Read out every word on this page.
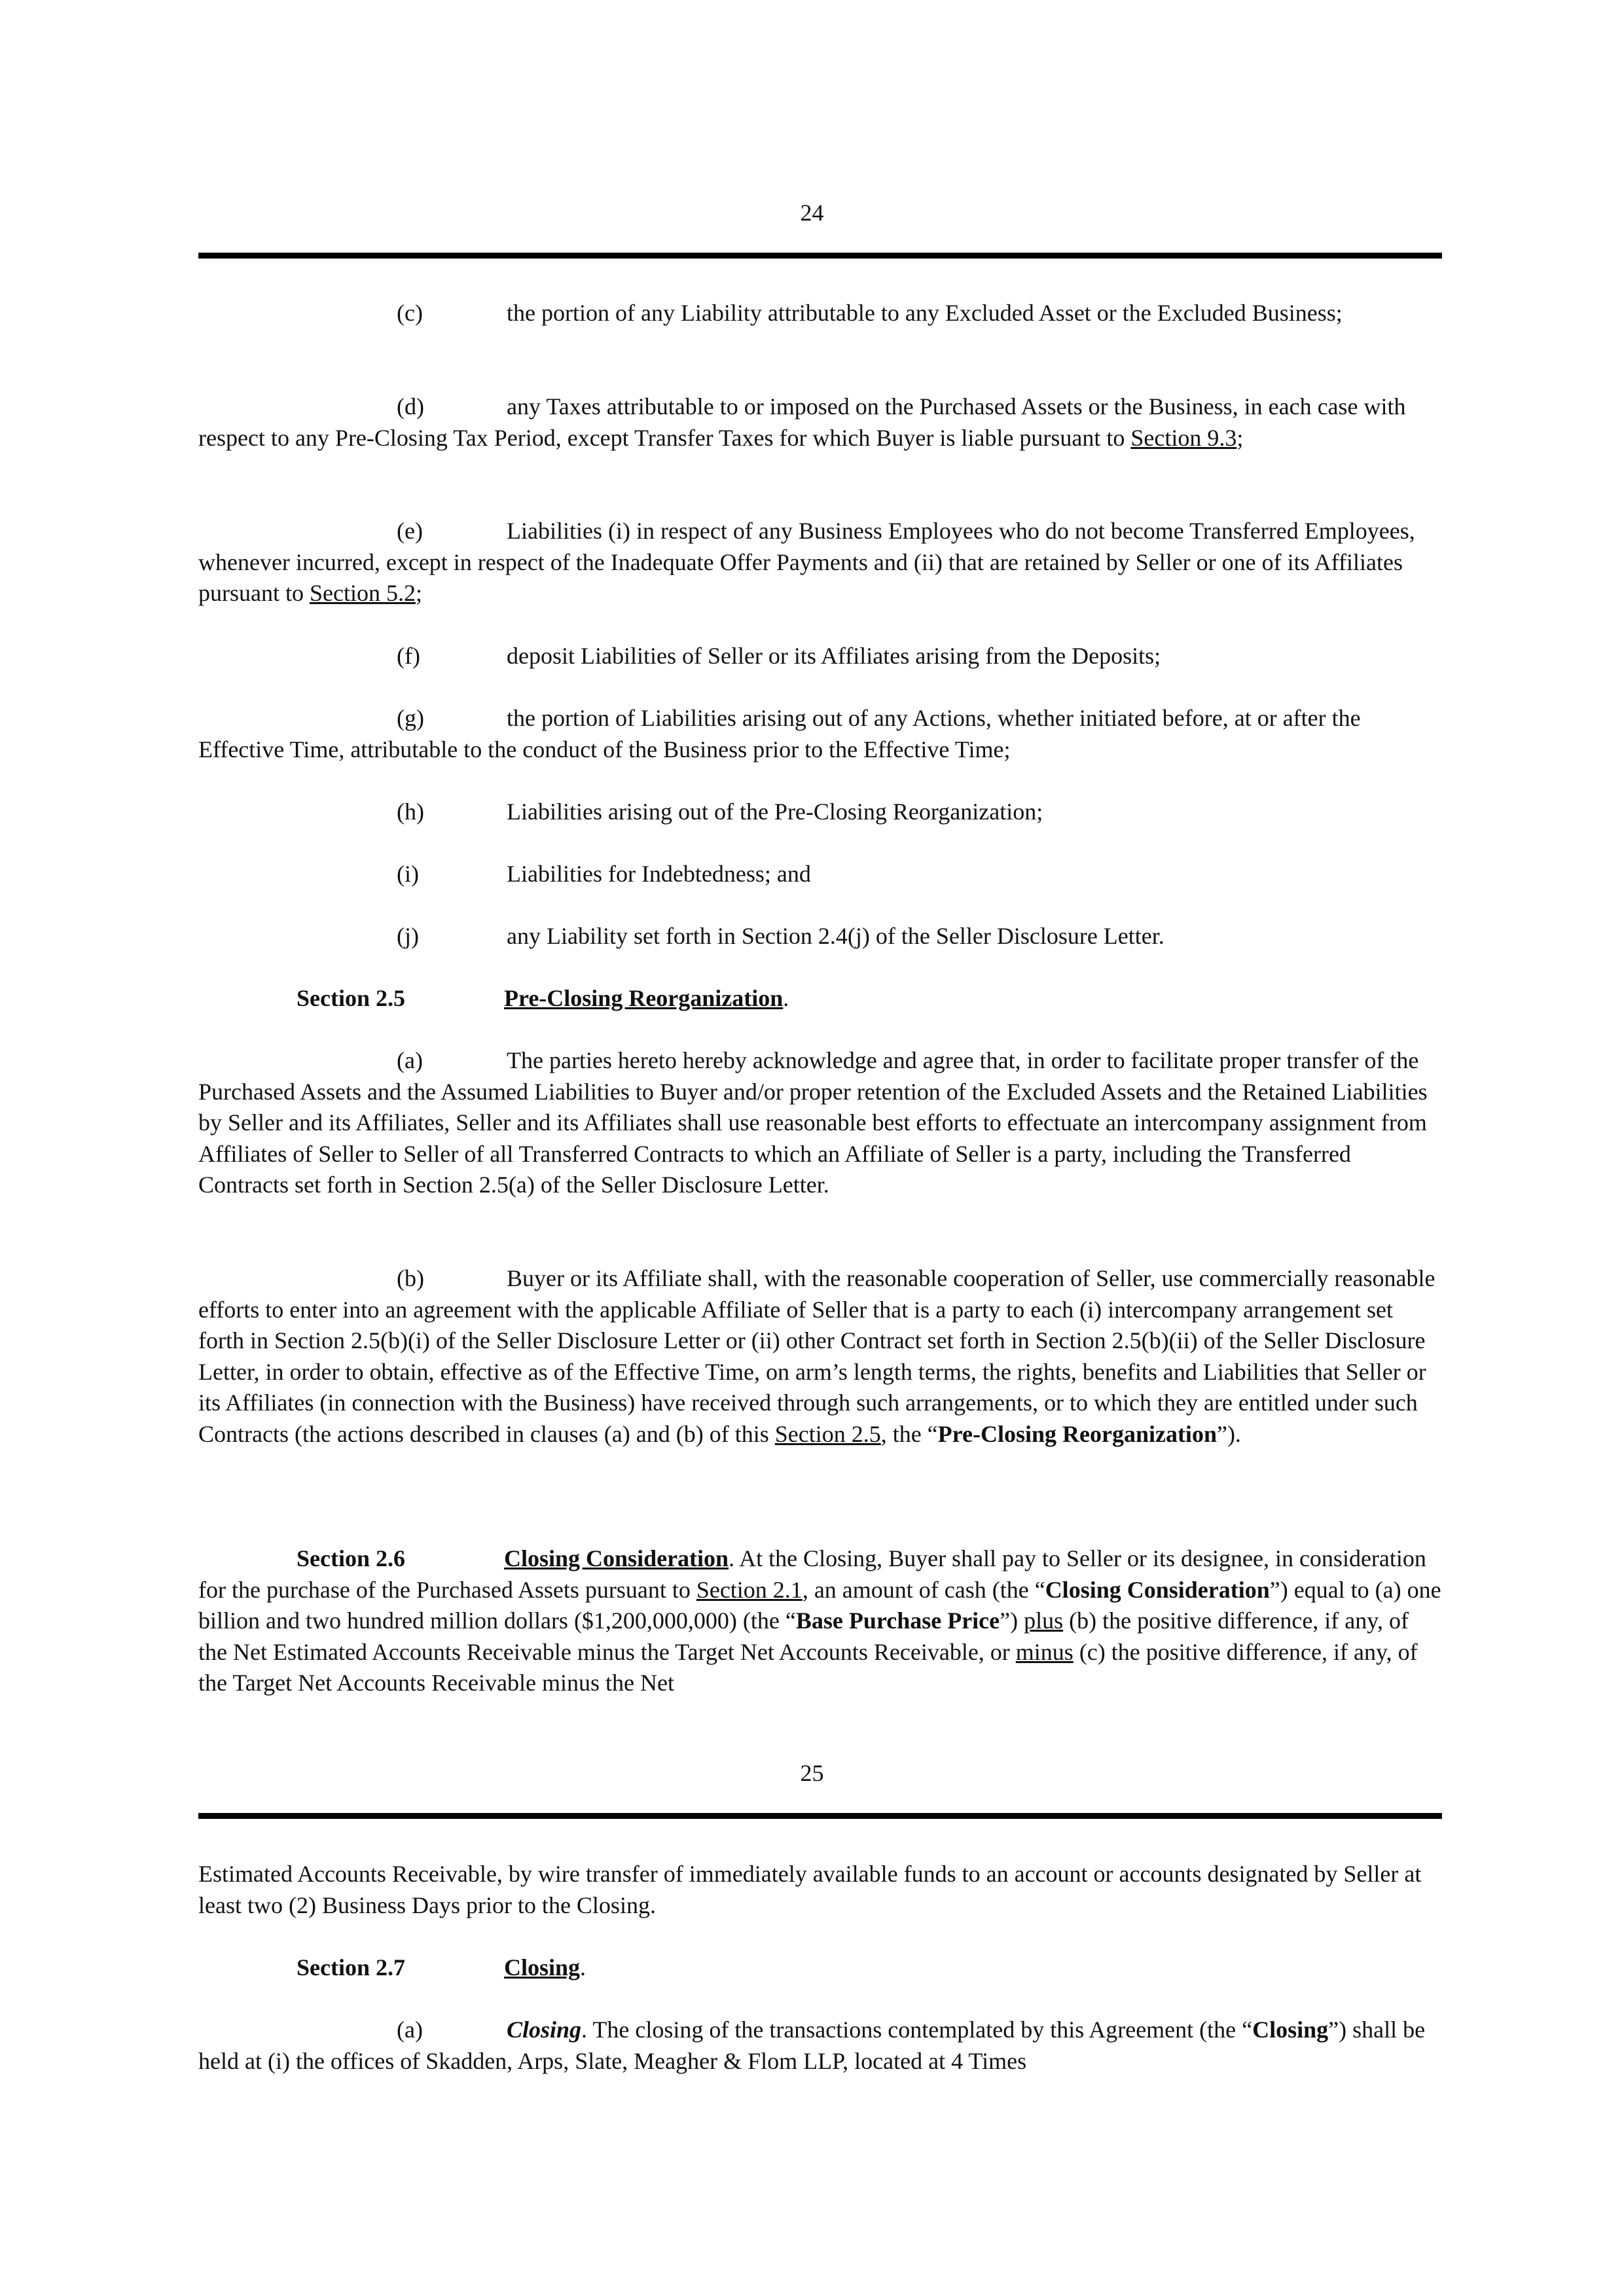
24

(c)	the portion of any Liability attributable to any Excluded Asset or the Excluded Business;

(d)	any Taxes attributable to or imposed on the Purchased Assets or the Business, in each case with respect to any Pre-Closing Tax Period, except Transfer Taxes for which Buyer is liable pursuant to Section 9.3;

(e)	Liabilities (i) in respect of any Business Employees who do not become Transferred Employees, whenever incurred, except in respect of the Inadequate Offer Payments and (ii) that are retained by Seller or one of its Affiliates pursuant to Section 5.2;

(f)	deposit Liabilities of Seller or its Affiliates arising from the Deposits;

(g)	the portion of Liabilities arising out of any Actions, whether initiated before, at or after the Effective Time, attributable to the conduct of the Business prior to the Effective Time;

(h)	Liabilities arising out of the Pre-Closing Reorganization;

(i)	Liabilities for Indebtedness; and

(j)	any Liability set forth in Section 2.4(j) of the Seller Disclosure Letter.

Section 2.5	Pre-Closing Reorganization.

(a)	The parties hereto hereby acknowledge and agree that, in order to facilitate proper transfer of the Purchased Assets and the Assumed Liabilities to Buyer and/or proper retention of the Excluded Assets and the Retained Liabilities by Seller and its Affiliates, Seller and its Affiliates shall use reasonable best efforts to effectuate an intercompany assignment from Affiliates of Seller to Seller of all Transferred Contracts to which an Affiliate of Seller is a party, including the Transferred Contracts set forth in Section 2.5(a) of the Seller Disclosure Letter.

(b)	Buyer or its Affiliate shall, with the reasonable cooperation of Seller, use commercially reasonable efforts to enter into an agreement with the applicable Affiliate of Seller that is a party to each (i) intercompany arrangement set forth in Section 2.5(b)(i) of the Seller Disclosure Letter or (ii) other Contract set forth in Section 2.5(b)(ii) of the Seller Disclosure Letter, in order to obtain, effective as of the Effective Time, on arm’s length terms, the rights, benefits and Liabilities that Seller or its Affiliates (in connection with the Business) have received through such arrangements, or to which they are entitled under such Contracts (the actions described in clauses (a) and (b) of this Section 2.5, the “Pre-Closing Reorganization”).

Section 2.6	Closing Consideration. At the Closing, Buyer shall pay to Seller or its designee, in consideration for the purchase of the Purchased Assets pursuant to Section 2.1, an amount of cash (the “Closing Consideration”) equal to (a) one billion and two hundred million dollars ($1,200,000,000) (the “Base Purchase Price”) plus (b) the positive difference, if any, of the Net Estimated Accounts Receivable minus the Target Net Accounts Receivable, or minus (c) the positive difference, if any, of the Target Net Accounts Receivable minus the Net

25

Estimated Accounts Receivable, by wire transfer of immediately available funds to an account or accounts designated by Seller at least two (2) Business Days prior to the Closing.

Section 2.7	Closing.

(a)	Closing. The closing of the transactions contemplated by this Agreement (the “Closing”) shall be held at (i) the offices of Skadden, Arps, Slate, Meagher & Flom LLP, located at 4 Times
